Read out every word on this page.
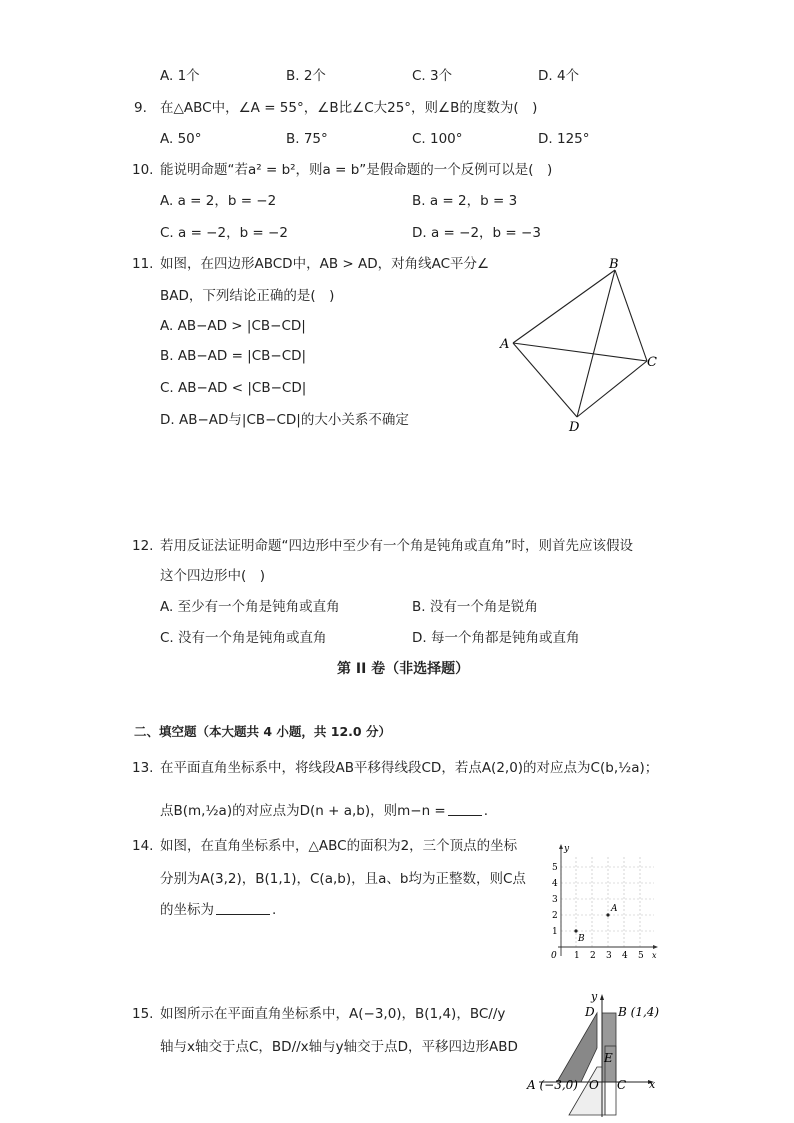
A. 1个	B. 2个	C. 3个	D. 4个
9. 在△ABC中，∠A = 55°，∠B比∠C大25°，则∠B的度数为(　)
A. 50°	B. 75°	C. 100°	D. 125°
10. 能说明命题“若a² = b²，则a = b”是假命题的一个反例可以是(　)
A. a = 2，b = −2	B. a = 2，b = 3
C. a = −2，b = −2	D. a = −2，b = −3
11. 如图，在四边形ABCD中，AB > AD，对角线AC平分∠
BAD，下列结论正确的是(　)
A. AB−AD > |CB−CD|
B. AB−AD = |CB−CD|
C. AB−AD < |CB−CD|
D. AB−AD与|CB−CD|的大小关系不确定
A
B
C
D
12. 若用反证法证明命题“四边形中至少有一个角是钝角或直角”时，则首先应该假设
这个四边形中(　)
A. 至少有一个角是钝角或直角	B. 没有一个角是锐角
C. 没有一个角是钝角或直角	D. 每一个角都是钝角或直角
第 II 卷（非选择题）
二、填空题（本大题共 4 小题，共 12.0 分）
13. 在平面直角坐标系中，将线段AB平移得线段CD，若点A(2,0)的对应点为C(b,½a)；
点B(m,½a)的对应点为D(n + a,b)，则m−n =	.
14. 如图，在直角坐标系中，△ABC的面积为2，三个顶点的坐标
分别为A(3,2)，B(1,1)，C(a,b)，且a、b均为正整数，则C点
的坐标为	.
y
x
0 1 2 3 4 5
1
2
3
4
5
A
B
15. 如图所示在平面直角坐标系中，A(−3,0)，B(1,4)，BC//y
轴与x轴交于点C，BD//x轴与y轴交于点D，平移四边形ABD
y
x
D B (1,4)
E
A (−3,0) O C
